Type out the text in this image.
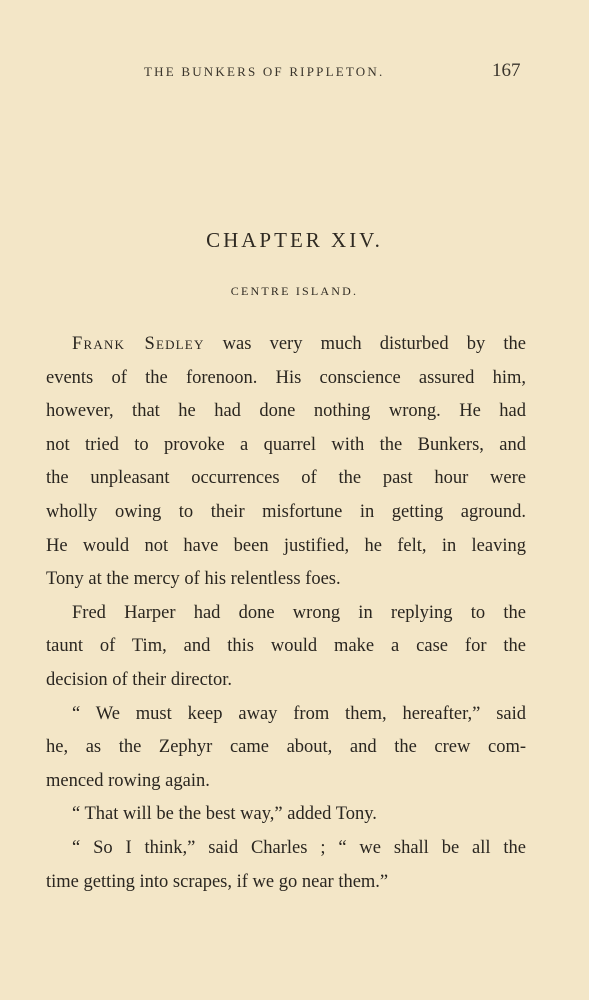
THE BUNKERS OF RIPPLETON.	167
CHAPTER XIV.
CENTRE ISLAND.
Frank Sedley was very much disturbed by the
events of the forenoon. His conscience assured him,
however, that he had done nothing wrong. He had
not tried to provoke a quarrel with the Bunkers, and
the unpleasant occurrences of the past hour were
wholly owing to their misfortune in getting aground.
He would not have been justified, he felt, in leaving
Tony at the mercy of his relentless foes.
Fred Harper had done wrong in replying to the
taunt of Tim, and this would make a case for the
decision of their director.
“ We must keep away from them, hereafter,” said
he, as the Zephyr came about, and the crew com-
menced rowing again.
“ That will be the best way,” added Tony.
“ So I think,” said Charles ; “ we shall be all the
time getting into scrapes, if we go near them.”
